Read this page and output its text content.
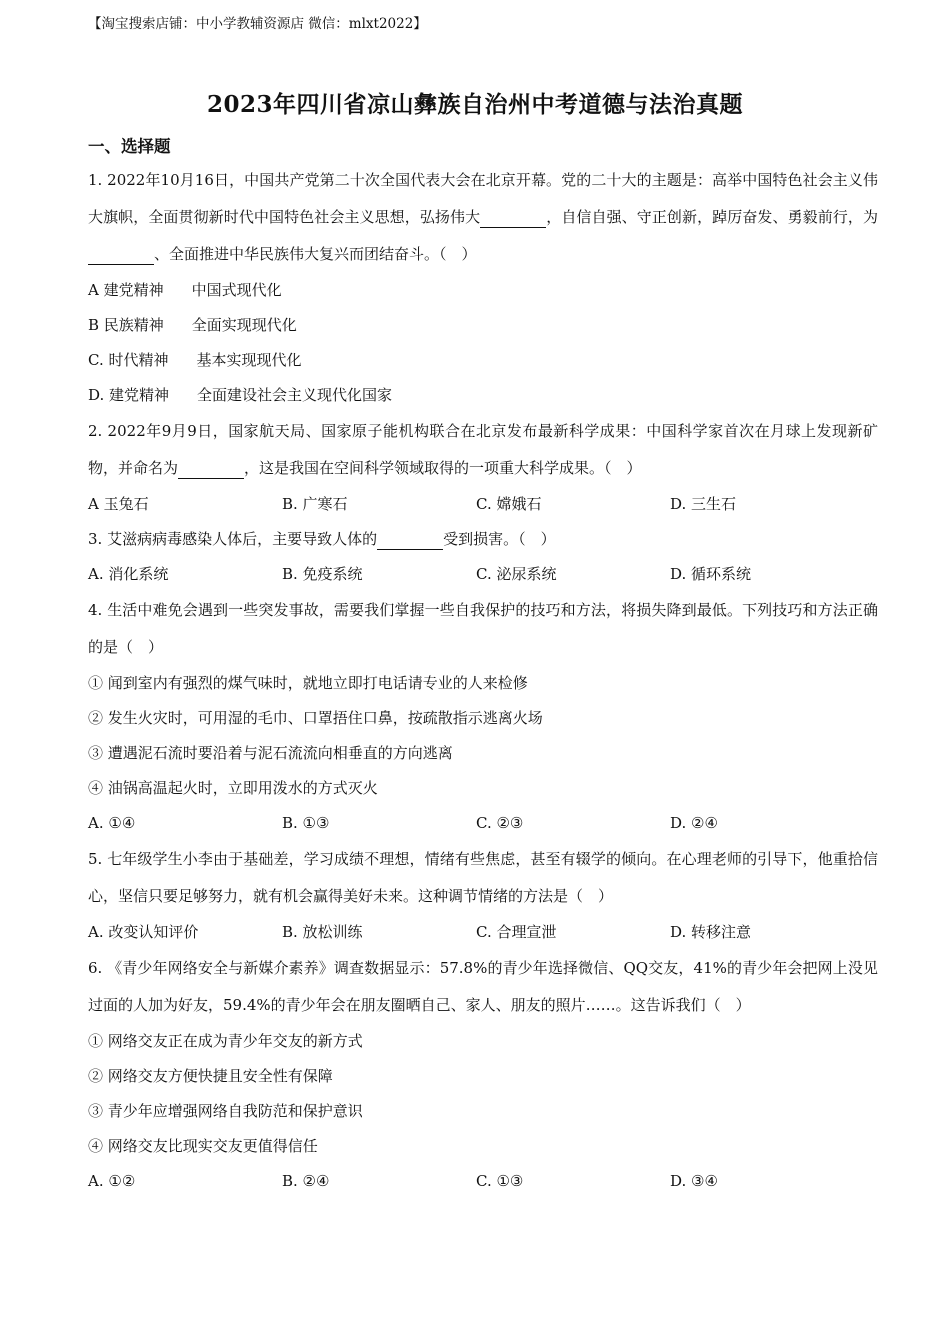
【淘宝搜索店铺：中小学教辅资源店 微信：mlxt2022】
2023年四川省凉山彝族自治州中考道德与法治真题
一、选择题
1. 2022年10月16日，中国共产党第二十次全国代表大会在北京开幕。党的二十大的主题是：高举中国特色社会主义伟大旗帜，全面贯彻新时代中国特色社会主义思想，弘扬伟大	，自信自强、守正创新，踔厉奋发、勇毅前行，为、全面推进中华民族伟大复兴而团结奋斗。（　）
A 建党精神 中国式现代化
B 民族精神 全面实现现代化
C. 时代精神 基本实现现代化
D. 建党精神 全面建设社会主义现代化国家
2. 2022年9月9日，国家航天局、国家原子能机构联合在北京发布最新科学成果：中国科学家首次在月球上发现新矿物，并命名为	，这是我国在空间科学领域取得的一项重大科学成果。（　）
A 玉兔石	B. 广寒石	C. 嫦娥石	D. 三生石
3. 艾滋病病毒感染人体后，主要导致人体的	受到损害。（　）
A. 消化系统	B. 免疫系统	C. 泌尿系统	D. 循环系统
4. 生活中难免会遇到一些突发事故，需要我们掌握一些自我保护的技巧和方法，将损失降到最低。下列技巧和方法正确的是（　）
① 闻到室内有强烈的煤气味时，就地立即打电话请专业的人来检修
② 发生火灾时，可用湿的毛巾、口罩捂住口鼻，按疏散指示逃离火场
③ 遭遇泥石流时要沿着与泥石流流向相垂直的方向逃离
④ 油锅高温起火时，立即用泼水的方式灭火
A. ①④	B. ①③	C. ②③	D. ②④
5. 七年级学生小李由于基础差，学习成绩不理想，情绪有些焦虑，甚至有辍学的倾向。在心理老师的引导下，他重拾信心，坚信只要足够努力，就有机会赢得美好未来。这种调节情绪的方法是（　）
A. 改变认知评价	B. 放松训练	C. 合理宣泄	D. 转移注意
6. 《青少年网络安全与新媒介素养》调查数据显示：57.8%的青少年选择微信、QQ交友，41%的青少年会把网上没见过面的人加为好友，59.4%的青少年会在朋友圈晒自己、家人、朋友的照片……。这告诉我们（　）
① 网络交友正在成为青少年交友的新方式
② 网络交友方便快捷且安全性有保障
③ 青少年应增强网络自我防范和保护意识
④ 网络交友比现实交友更值得信任
A. ①②	B. ②④	C. ①③	D. ③④
